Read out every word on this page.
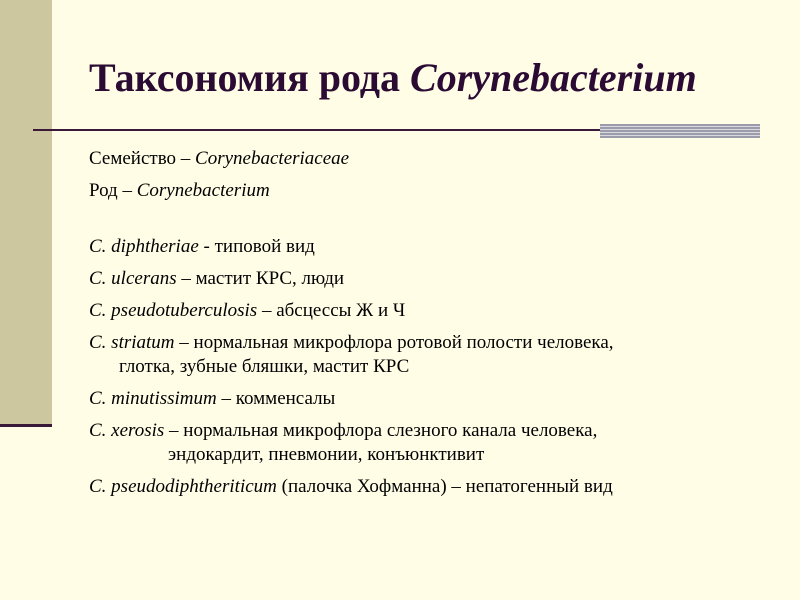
Таксономия рода Corynebacterium

Семейство – Corynebacteriaceae

Род – Corynebacterium

C. diphtheriae - типовой вид

C. ulcerans – мастит КРС, люди

C. pseudotuberculosis – абсцессы Ж и Ч

C. striatum – нормальная микрофлора ротовой полости человека,
глотка, зубные бляшки, мастит КРС

C. minutissimum – комменсалы

C. xerosis – нормальная микрофлора слезного канала человека,
эндокардит, пневмонии, конъюнктивит

C. pseudodiphtheriticum (палочка Хофманна) – непатогенный вид
